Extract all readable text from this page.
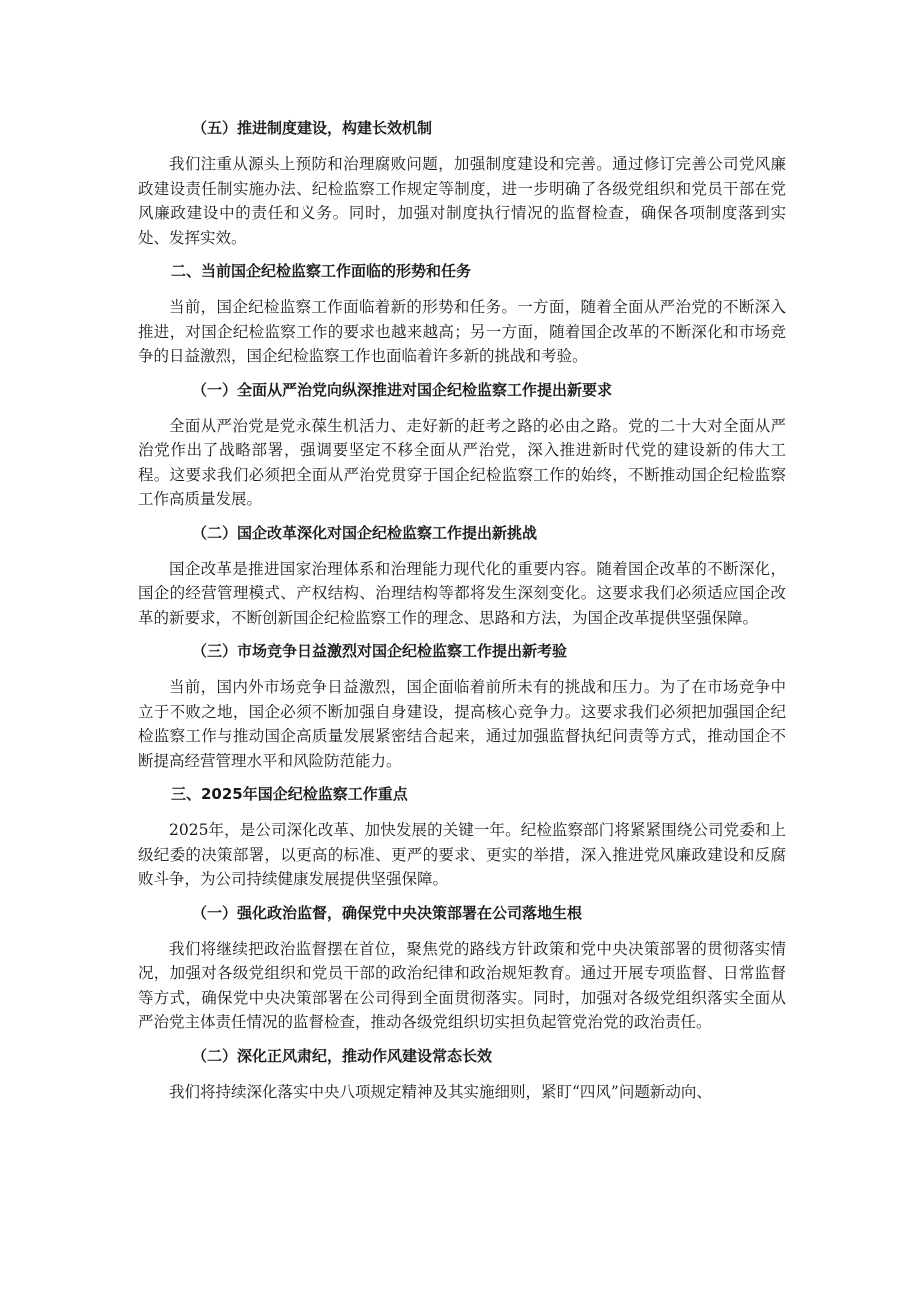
（五）推进制度建设，构建长效机制
我们注重从源头上预防和治理腐败问题，加强制度建设和完善。通过修订完善公司党风廉政建设责任制实施办法、纪检监察工作规定等制度，进一步明确了各级党组织和党员干部在党风廉政建设中的责任和义务。同时，加强对制度执行情况的监督检查，确保各项制度落到实处、发挥实效。
二、当前国企纪检监察工作面临的形势和任务
当前，国企纪检监察工作面临着新的形势和任务。一方面，随着全面从严治党的不断深入推进，对国企纪检监察工作的要求也越来越高；另一方面，随着国企改革的不断深化和市场竞争的日益激烈，国企纪检监察工作也面临着许多新的挑战和考验。
（一）全面从严治党向纵深推进对国企纪检监察工作提出新要求
全面从严治党是党永葆生机活力、走好新的赶考之路的必由之路。党的二十大对全面从严治党作出了战略部署，强调要坚定不移全面从严治党，深入推进新时代党的建设新的伟大工程。这要求我们必须把全面从严治党贯穿于国企纪检监察工作的始终，不断推动国企纪检监察工作高质量发展。
（二）国企改革深化对国企纪检监察工作提出新挑战
国企改革是推进国家治理体系和治理能力现代化的重要内容。随着国企改革的不断深化，国企的经营管理模式、产权结构、治理结构等都将发生深刻变化。这要求我们必须适应国企改革的新要求，不断创新国企纪检监察工作的理念、思路和方法，为国企改革提供坚强保障。
（三）市场竞争日益激烈对国企纪检监察工作提出新考验
当前，国内外市场竞争日益激烈，国企面临着前所未有的挑战和压力。为了在市场竞争中立于不败之地，国企必须不断加强自身建设，提高核心竞争力。这要求我们必须把加强国企纪检监察工作与推动国企高质量发展紧密结合起来，通过加强监督执纪问责等方式，推动国企不断提高经营管理水平和风险防范能力。
三、2025年国企纪检监察工作重点
2025年，是公司深化改革、加快发展的关键一年。纪检监察部门将紧紧围绕公司党委和上级纪委的决策部署，以更高的标准、更严的要求、更实的举措，深入推进党风廉政建设和反腐败斗争，为公司持续健康发展提供坚强保障。
（一）强化政治监督，确保党中央决策部署在公司落地生根
我们将继续把政治监督摆在首位，聚焦党的路线方针政策和党中央决策部署的贯彻落实情况，加强对各级党组织和党员干部的政治纪律和政治规矩教育。通过开展专项监督、日常监督等方式，确保党中央决策部署在公司得到全面贯彻落实。同时，加强对各级党组织落实全面从严治党主体责任情况的监督检查，推动各级党组织切实担负起管党治党的政治责任。
（二）深化正风肃纪，推动作风建设常态长效
我们将持续深化落实中央八项规定精神及其实施细则，紧盯“四风”问题新动向、
